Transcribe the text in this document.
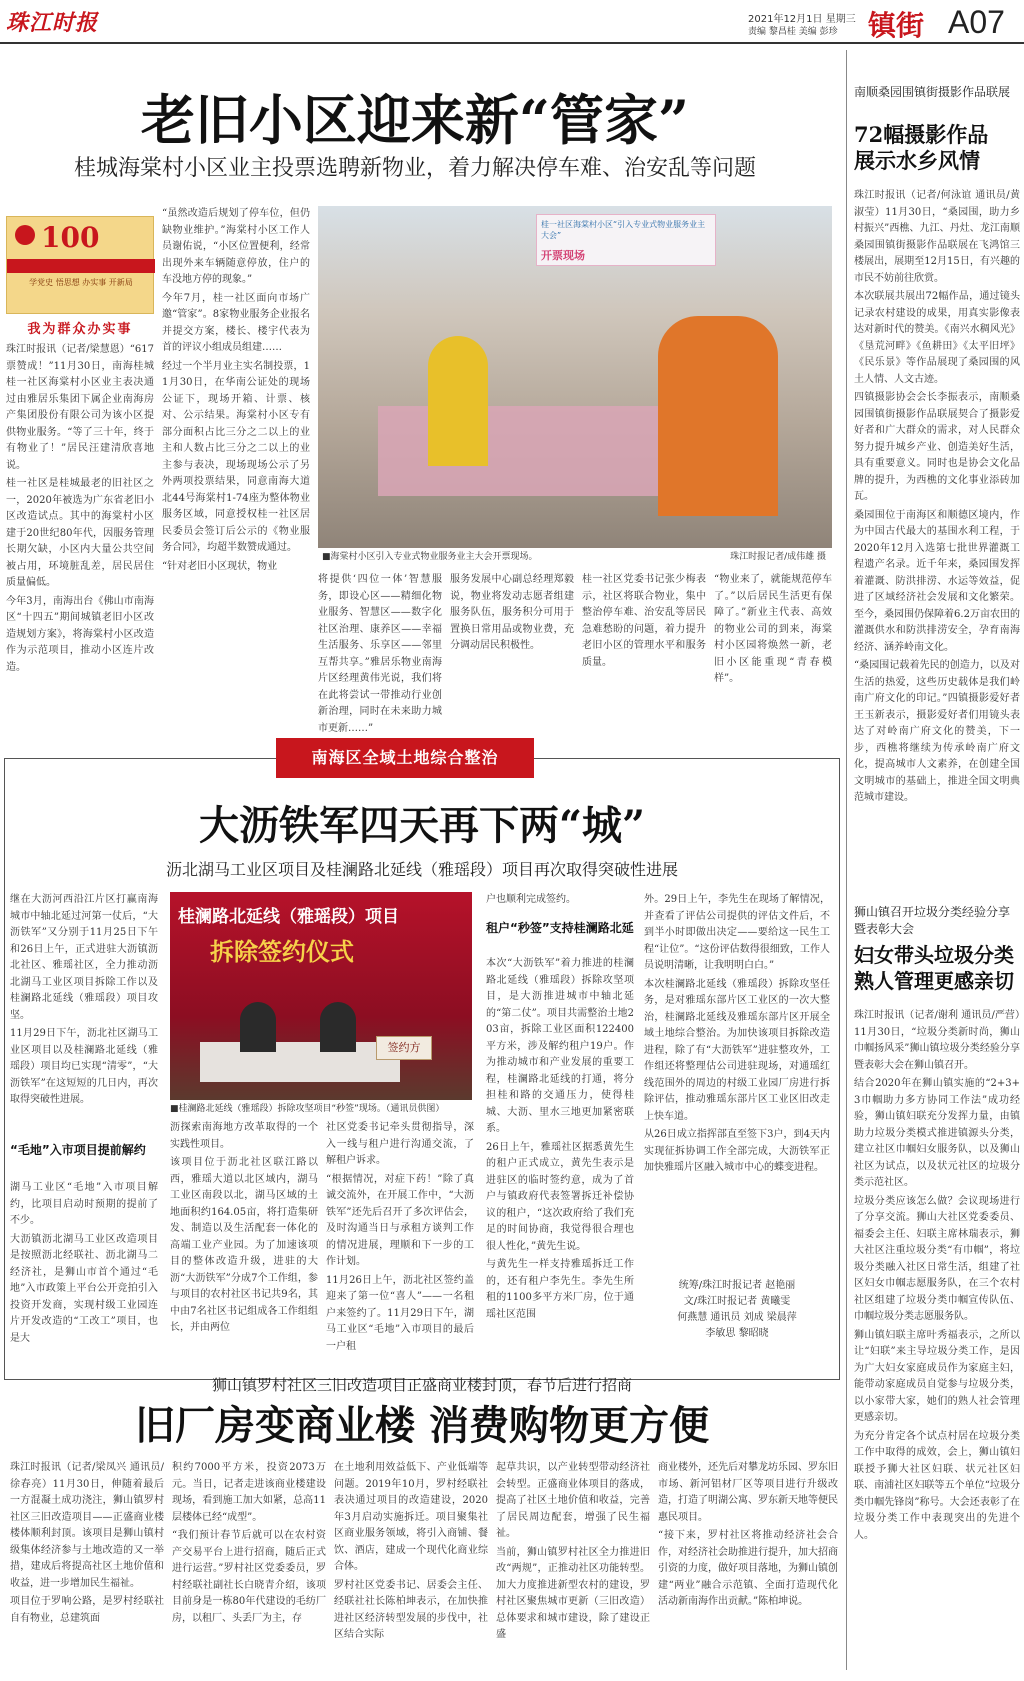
珠江时报	2021年12月1日 星期三
责编 黎昌桂 美编 彭珍 镇街 A07
老旧小区迎来新“管家”
桂城海棠村小区业主投票选聘新物业，着力解决停车难、治安乱等问题
100
学党史 悟思想 办实事 开新局
我为群众办实事

珠江时报讯（记者/梁慧恩）“617票赞成！”11月30日，南海桂城桂一社区海棠村小区业主表决通过由雅居乐集团下属企业南海房产集团股份有限公司为该小区提供物业服务。“等了三十年，终于有物业了！”居民汪建清欣喜地说。

桂一社区是桂城最老的旧社区之一，2020年被选为广东省老旧小区改造试点。其中的海棠村小区建于20世纪80年代，因服务管理长期欠缺，小区内大量公共空间被占用，环境脏乱差，居民居住质量偏低。

今年3月，南海出台《佛山市南海区“十四五”期间城镇老旧小区改造规划方案》，将海棠村小区改造作为示范项目，推动小区连片改造。

“虽然改造后规划了停车位，但仍缺物业维护。”海棠村小区工作人员谢佑说，“小区位置便利，经常出现外来车辆随意停放，住户的车没地方停的现象。”

今年7月，桂一社区面向市场广邀“管家”。8家物业服务企业报名并提交方案，楼长、楼宇代表为首的评议小组成员组建……

经过一个半月业主实名制投票，11月30日，在华南公证处的现场公证下，现场开箱、计票、核对、公示结果。海棠村小区专有部分面积占比三分之二以上的业主和人数占比三分之二以上的业主参与表决，现场现场公示了另外两项投票结果，同意南海大道北44号海棠村1-74座为整体物业服务区域，同意授权桂一社区居民委员会签订后公示的《物业服务合同》，均超半数赞成通过。

“针对老旧小区现状，物业

桂一社区海棠村小区“引入专业式物业服务业主大会”
开票现场
■海棠村小区引入专业式物业服务业主大会开票现场。	珠江时报记者/成伟雄 摄

将提供‘四位一体’智慧服务，即设心区——精细化物业服务、智慧区——数字化社区治理、康养区——幸福生活服务、乐享区——邻里互帮共享。”雅居乐物业南海片区经理黄伟光说，我们将在此将尝试一带推动行业创新治理，同时在未来助力城市更新……”

服务发展中心副总经理郑毅说，物业将发动志愿者组建服务队伍，服务积分可用于置换日常用品或物业费，充分调动居民积极性。

桂一社区党委书记张少梅表示，社区将联合物业，集中整治停车难、治安乱等居民急难愁盼的问题，着力提升老旧小区的管理水平和服务质量。

“物业来了，就能规范停车了。”以后居民生活更有保障了。”新业主代表、高效的物业公司的到来，海棠村小区园将焕然一新，老旧小区能重现“青春模样”。

南顺桑园围镇街摄影作品联展
72幅摄影作品
展示水乡风情

珠江时报讯（记者/何泳谊 通讯员/黄淑莹）11月30日，“桑园围，助力乡村振兴”西樵、九江、丹灶、龙江南顺桑园围镇街摄影作品联展在飞鸿馆三楼展出，展期至12月15日，有兴趣的市民不妨前往欣赏。

本次联展共展出72幅作品，通过镜头记录农村建设的成果，用真实影像表达对新时代的赞美。《南兴水稠风光》《垦荒河畔》《鱼耕田》《太平旧坪》《民乐景》等作品展现了桑园围的风土人情、人文古迹。

四镇摄影协会会长李振表示，南顺桑园围镇街摄影作品联展契合了摄影爱好者和广大群众的需求，对人民群众努力提升城乡产业、创造美好生活，具有重要意义。同时也是协会文化品牌的提升，为西樵的文化事业添砖加瓦。

桑园围位于南海区和顺德区境内，作为中国古代最大的基围水利工程，于2020年12月入选第七批世界灌溉工程遗产名录。近千年来，桑园围发挥着灌溉、防洪排涝、水运等效益，促进了区域经济社会发展和文化繁荣。至今，桑园围仍保障着6.2万亩农田的灌溉供水和防洪排涝安全，孕育南海经济、涵养岭南文化。

“桑园围记载着先民的创造力，以及对生活的热爱，这些历史载体是我们岭南广府文化的印记。”四镇摄影爱好者王玉新表示，摄影爱好者们用镜头表达了对岭南广府文化的赞美，下一步，西樵将继续为传承岭南广府文化，提高城市人文素养，在创建全国文明城市的基础上，推进全国文明典范城市建设。

狮山镇召开垃圾分类经验分享暨表彰大会
妇女带头垃圾分类
熟人管理更感亲切

珠江时报讯（记者/谢利 通讯员/严营）11月30日，“垃圾分类新时尚，狮山巾帼扬风采”狮山镇垃圾分类经验分享暨表彰大会在狮山镇召开。

结合2020年在狮山镇实施的“2+3+3巾帼助力多方协同工作法”成功经验，狮山镇妇联充分发挥力量，由镇助力垃圾分类模式推进镇源头分类，建立社区巾帼妇女服务队，以及狮山社区为试点，以及状元社区的垃圾分类示范社区。

垃圾分类应该怎么做？会议现场进行了分享交流。狮山大社区党委委员、福委会主任、妇联主席林瑞表示，狮大社区注重垃圾分类“有巾帼”，将垃圾分类融入社区日常生活，组建了社区妇女巾帼志愿服务队，在三个农村社区组建了垃圾分类巾帼宣传队伍、巾帼垃圾分类志愿服务队。

狮山镇妇联主席叶秀福表示，之所以让“妇联”来主导垃圾分类工作，是因为广大妇女家庭成员作为家庭主妇，能带动家庭成员自觉参与垃圾分类，以小家带大家，她们的熟人社会管理更感亲切。

为充分肯定各个试点村居在垃圾分类工作中取得的成效，会上，狮山镇妇联授予狮大社区妇联、状元社区妇联、南浦社区妇联等五个单位“垃圾分类巾帼先锋岗”称号。大会还表彰了在垃圾分类工作中表现突出的先进个人。

南海区全域土地综合整治
大沥铁军四天再下两“城”
沥北湖马工业区项目及桂澜路北延线（雅瑶段）项目再次取得突破性进展

继在大沥河西沿江片区打赢南海城市中轴北延过河第一仗后，“大沥铁军”又分别于11月25日下午和26日上午，正式进驻大沥镇沥北社区、雅瑶社区，全力推动沥北湖马工业区项目拆除工作以及桂澜路北延线（雅瑶段）项目攻坚。

11月29日下午，沥北社区湖马工业区项目以及桂澜路北延线（雅瑶段）项目均已实现“清零”，“大沥铁军”在这短短的几日内，再次取得突破性进展。

“毛地”入市项目提前解约

湖马工业区“毛地”入市项目解约，比项目启动时预期的提前了不少。

大沥镇沥北湖马工业区改造项目是按照沥北经联社、沥北湖马二经济社，是狮山市首个通过“毛地”入市政策上平台公开竞拍引入投资开发商，实现村级工业园连片开发改造的“工改工”项目，也是大

桂澜路北延线（雅瑶段）项目
拆除签约仪式
签约方
■桂澜路北延线（雅瑶段）拆除攻坚项目“秒签”现场。（通讯员供图）

沥探索南海地方改革取得的一个实践性项目。

该项目位于沥北社区联江路以西，雅瑶大道以北区域内，湖马工业区南段以北，湖马区域的土地面积约164.05亩，将打造集研发、制造以及生活配套一体化的高端工业产业园。为了加速该项目的整体改造升级，进驻的大沥“大沥铁军”分成7个工作组，参与项目的农村社区书记共9名，其中由7名社区书记组成各工作组组长，并由两位

户也顺利完成签约。

社区党委书记牵头贯彻指导，深入一线与租户进行沟通交流，了解租户诉求。

“根据情况，对症下药！”除了真诚交流外，在开展工作中，“大沥铁军”还先后召开了多次评估会，及时沟通当日与承租方谈判工作的情况进展，理顺和下一步的工作计划。

11月26日上午，沥北社区签约盖迎来了第一位“喜人”——一名租户来签约了。11月29日下午，湖马工业区“毛地”入市项目的最后一户租

租户“秒签”支持桂澜路北延

本次“大沥铁军”着力推进的桂澜路北延线（雅瑶段）拆除攻坚项目，是大沥推进城市中轴北延的“第二仗”。项目共需整治土地203亩，拆除工业区面积122400平方米，涉及解约租户19户。作为推动城市和产业发展的重要工程，桂澜路北延线的打通，将分担桂和路的交通压力，使得桂城、大沥、里水三地更加紧密联系。

26日上午，雅瑶社区据悉黄先生的租户正式成立，黄先生表示是进驻区的临时签约意，成为了首户与镇政府代表签署拆迁补偿协议的租户，“这次政府给了我们充足的时间协商，我觉得很合理也很人性化，”黄先生说。

与黄先生一样支持雅瑶拆迁工作的，还有租户李先生。李先生所租的1100多平方米厂房，位于通瑶社区范围

外。29日上午，李先生在现场了解情况，并查看了评估公司提供的评估文件后，不到半小时即做出决定——要给这一民生工程“让位”。“这份评估数得很细致，工作人员说明清晰，让我明明白白。”

本次桂澜路北延线（雅瑶段）拆除攻坚任务，是对雅瑶东部片区工业区的一次大整治，桂澜路北延线及雅瑶东部片区开展全域土地综合整治。为加快该项目拆除改造进程，除了有“大沥铁军”进驻整攻外，工作组还将整理估公司进驻现场，对通瑶红线范围外的周边的村级工业园厂房进行拆除评估，推动雅瑶东部片区工业区旧改走上快车道。

从26日成立指挥部直至签下3户，到4天内实现征拆协调工作全部完成，大沥铁军正加快雅瑶片区融入城市中心的蝶变进程。

统筹/珠江时报记者 赵艳丽
文/珠江时报记者 黄曦雯
何燕慧 通讯员 刘成 梁晨萍
李敏思 黎昭晓
狮山镇罗村社区三旧改造项目正盛商业楼封顶，春节后进行招商
旧厂房变商业楼 消费购物更方便

珠江时报讯（记者/梁凤兴 通讯员/徐春亮）11月30日，伸随着最后一方混凝土成功浇注，狮山镇罗村社区三旧改造项目——正盛商业楼楼体顺利封顶。该项目是狮山镇村级集体经济参与土地改造的又一举措，建成后将提高社区土地价值和收益，进一步增加民生福祉。

项目位于罗响公路，是罗村经联社自有物业，总建筑面

积约7000平方米，投资2073万元。当日，记者走进该商业楼建设现场，看到施工加大如紧，总高11层楼体已经“成型”。

“我们预计春节后就可以在农村资产交易平台上进行招商，随后正式进行运营。”罗村社区党委委员，罗村经联社副社长白晓青介绍，该项目前身是一栋80年代建设的毛纺厂房，以租厂、头丢厂为主，存

在土地利用效益低下、产业低端等问题。2019年10月，罗村经联社表决通过项目的改造建设，2020年3月启动实施拆迁。项目聚集社区商业服务领域，将引入商铺、餐饮、酒店，建成一个现代化商业综合体。

罗村社区党委书记、居委会主任、经联社社长陈柏坤表示，在加快推进社区经济转型发展的步伐中，社区结合实际

起草共识，以产业转型带动经济社会转型。正盛商业体项目的落成，提高了社区土地价值和收益，完善了居民周边配套，增强了民生福祉。

当前，狮山镇罗村社区全力推进旧改“两规”，正推动社区功能转型。加大力度推进新型农村的建设，罗村社区聚焦城市更新（三旧改造）总体要求和城市建设，除了建设正盛

商业楼外，还先后对攀龙坊乐园、罗东旧市场、新河铝材厂区等项目进行升级改造，打造了明湖公寓、罗东新天地等便民惠民项目。

“接下来，罗村社区将推动经济社会合作，对经济社会助推进行提升，加大招商引资的力度，做好项目落地，为狮山镇创建“两业”融合示范镇、全面打造现代化活动新南海作出贡献。”陈柏坤说。
